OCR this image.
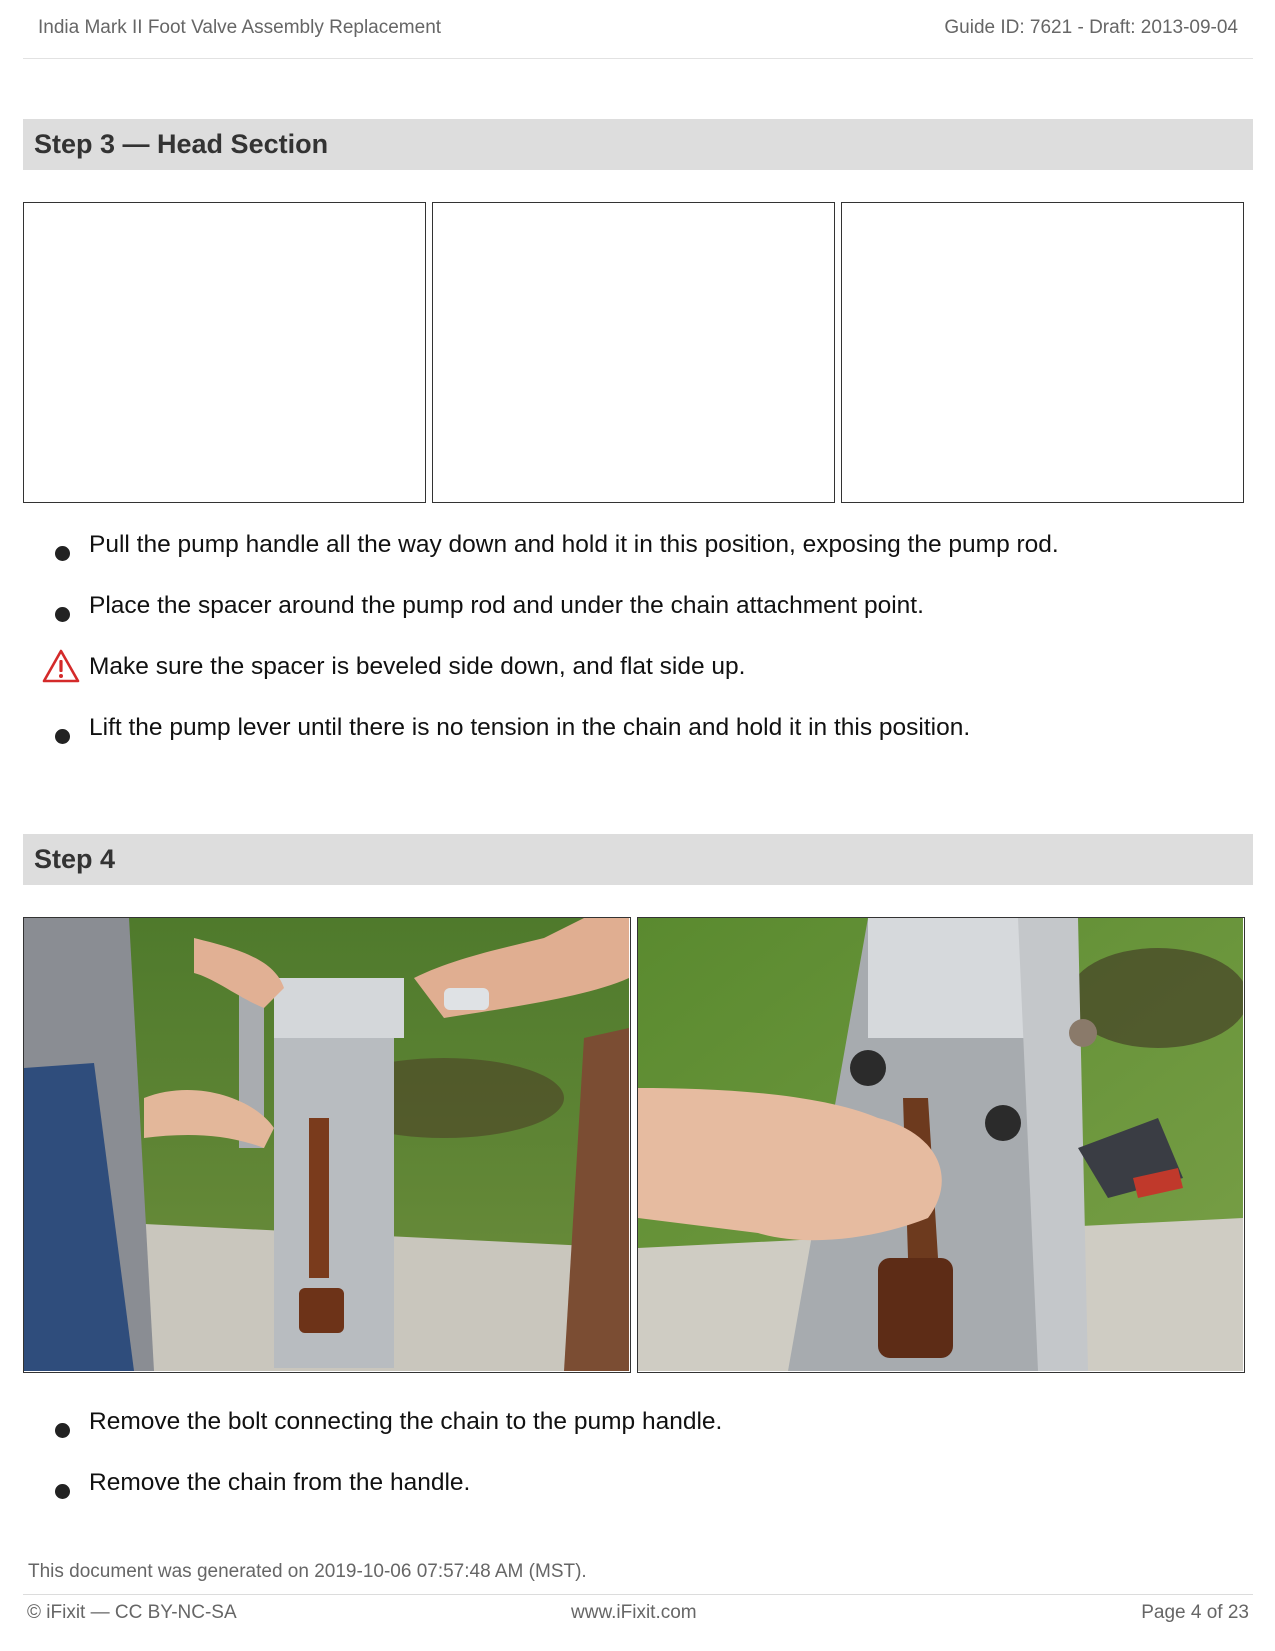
India Mark II Foot Valve Assembly Replacement	Guide ID: 7621 - Draft: 2013-09-04
Step 3 — Head Section
Pull the pump handle all the way down and hold it in this position, exposing the pump rod.
Place the spacer around the pump rod and under the chain attachment point.
Make sure the spacer is beveled side down, and flat side up.
Lift the pump lever until there is no tension in the chain and hold it in this position.
Step 4
Remove the bolt connecting the chain to the pump handle.
Remove the chain from the handle.
This document was generated on 2019-10-06 07:57:48 AM (MST).
© iFixit — CC BY-NC-SA	www.iFixit.com	Page 4 of 23
